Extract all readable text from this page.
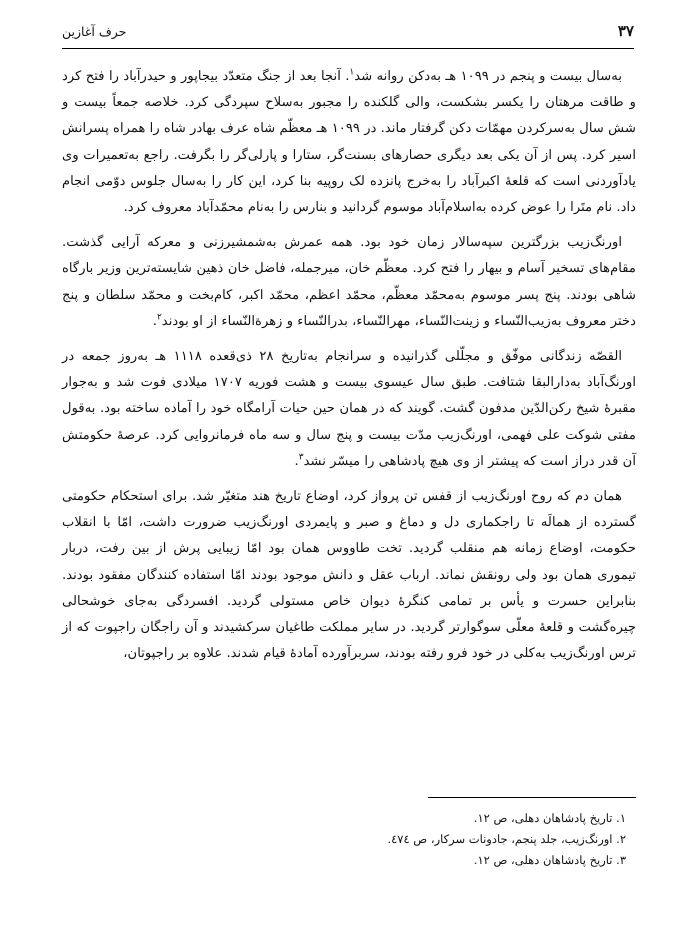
۳۷
حرف آغازین

به‌سال بیست و پنجم در ۱۰۹۹ هـ به‌دکن روانه شد$^۱$. آنجا بعد از جنگ متعدّد بیجاپور و حیدرآباد را فتح کرد و طاقت مرهتان را یکسر بشکست، والی گلکنده را مجبور به‌سلاح سپردگی کرد. خلاصه جمعاً بیست و شش سال به‌سرکردن مهمّات دکن گرفتار ماند. در ۱۰۹۹ هـ معظّم شاه عرف بهادر شاه را همراه پسرانش اسیر کرد. پس از آن یکی بعد دیگری حصارهای بسنت‌گر، ستارا و پارلی‌گر را بگرفت. راجع به‌تعمیرات وی یادآوردنی است که قلعهٔ اکبرآباد را به‌خرج پانزده لک روپیه بنا کرد، این کار را به‌سال جلوس دوّمی انجام داد. نام متَرا را عوض کرده به‌اسلام‌آباد موسوم گردانید و بنارس را به‌نام محمّدآباد معروف کرد.

اورنگ‌زیب بزرگترین سپه‌سالار زمان خود بود. همه عمرش به‌شمشیرزنی و معرکه آرایی گذشت. مقام‌های تسخیر آسام و بیهار را فتح کرد. معظّم خان، میرجمله، فاضل خان ذهین شایسته‌ترین وزیر بارگاه شاهی بودند. پنج پسر موسوم به‌محمّد معظّم، محمّد اعظم، محمّد اکبر، کام‌بخت و محمّد سلطان و پنج دختر معروف به‌زیب‌النّساء و زینت‌النّساء، مهرالنّساء، بدرالنّساء و زهرة‌النّساء از او بودند$^۲$.

القصّه زندگانی موفّق و مجلّلی گذرانیده و سرانجام به‌تاریخ ۲۸ ذی‌قعده ۱۱۱۸ هـ به‌روز جمعه در اورنگ‌آباد به‌دارالبقا شتافت. طبق سال عیسوی بیست و هشت فوریه ۱۷۰۷ میلادی فوت شد و به‌جوار مقبرهٔ شیخ رکن‌الدّین مدفون گشت. گویند که در همان حین حیات آرامگاه خود را آماده ساخته بود. به‌قول مفتی شوکت علی فهمی، اورنگ‌زیب مدّت بیست و پنج سال و سه ماه فرمانروایی کرد. عرصهٔ حکومتش آن قدر دراز است که پیشتر از وی هیچ پادشاهی را میسّر نشد$^۳$.

همان دم که روح اورنگ‌زیب از قفس تن پرواز کرد، اوضاع تاریخ هند متغیّر شد. برای استحکام حکومتی گسترده از همالَه تا راجکماری دل و دماغ و صبر و پایمردی اورنگ‌زیب ضرورت داشت، امّا با انقلاب حکومت، اوضاع زمانه هم منقلب گردید. تخت طاووس همان بود امّا زیبایی پرش از بین رفت، دربار تیموری همان بود ولی رونقش نماند. ارباب عقل و دانش موجود بودند امّا استفاده کنندگان مفقود بودند. بنابراین حسرت و یأس بر تمامی کنگرهٔ دیوان خاص مستولی گردید. افسردگی به‌جای خوشحالی چیره‌گشت و قلعهٔ معلّی سوگوارتر گردید. در سایر مملکت طاغیان سرکشیدند و آن راجگان راجپوت که از ترس اورنگ‌زیب به‌کلی در خود فرو رفته بودند، سربرآورده آمادهٔ قیام شدند. علاوه بر راجپوتان،

۱. تاریخ پادشاهان دهلی، ص ۱۲.
۲. اورنگ‌زیب، جلد پنجم، جادونات سرکار، ص ٤٧٤.
۳. تاریخ پادشاهان دهلی، ص ۱۲.
